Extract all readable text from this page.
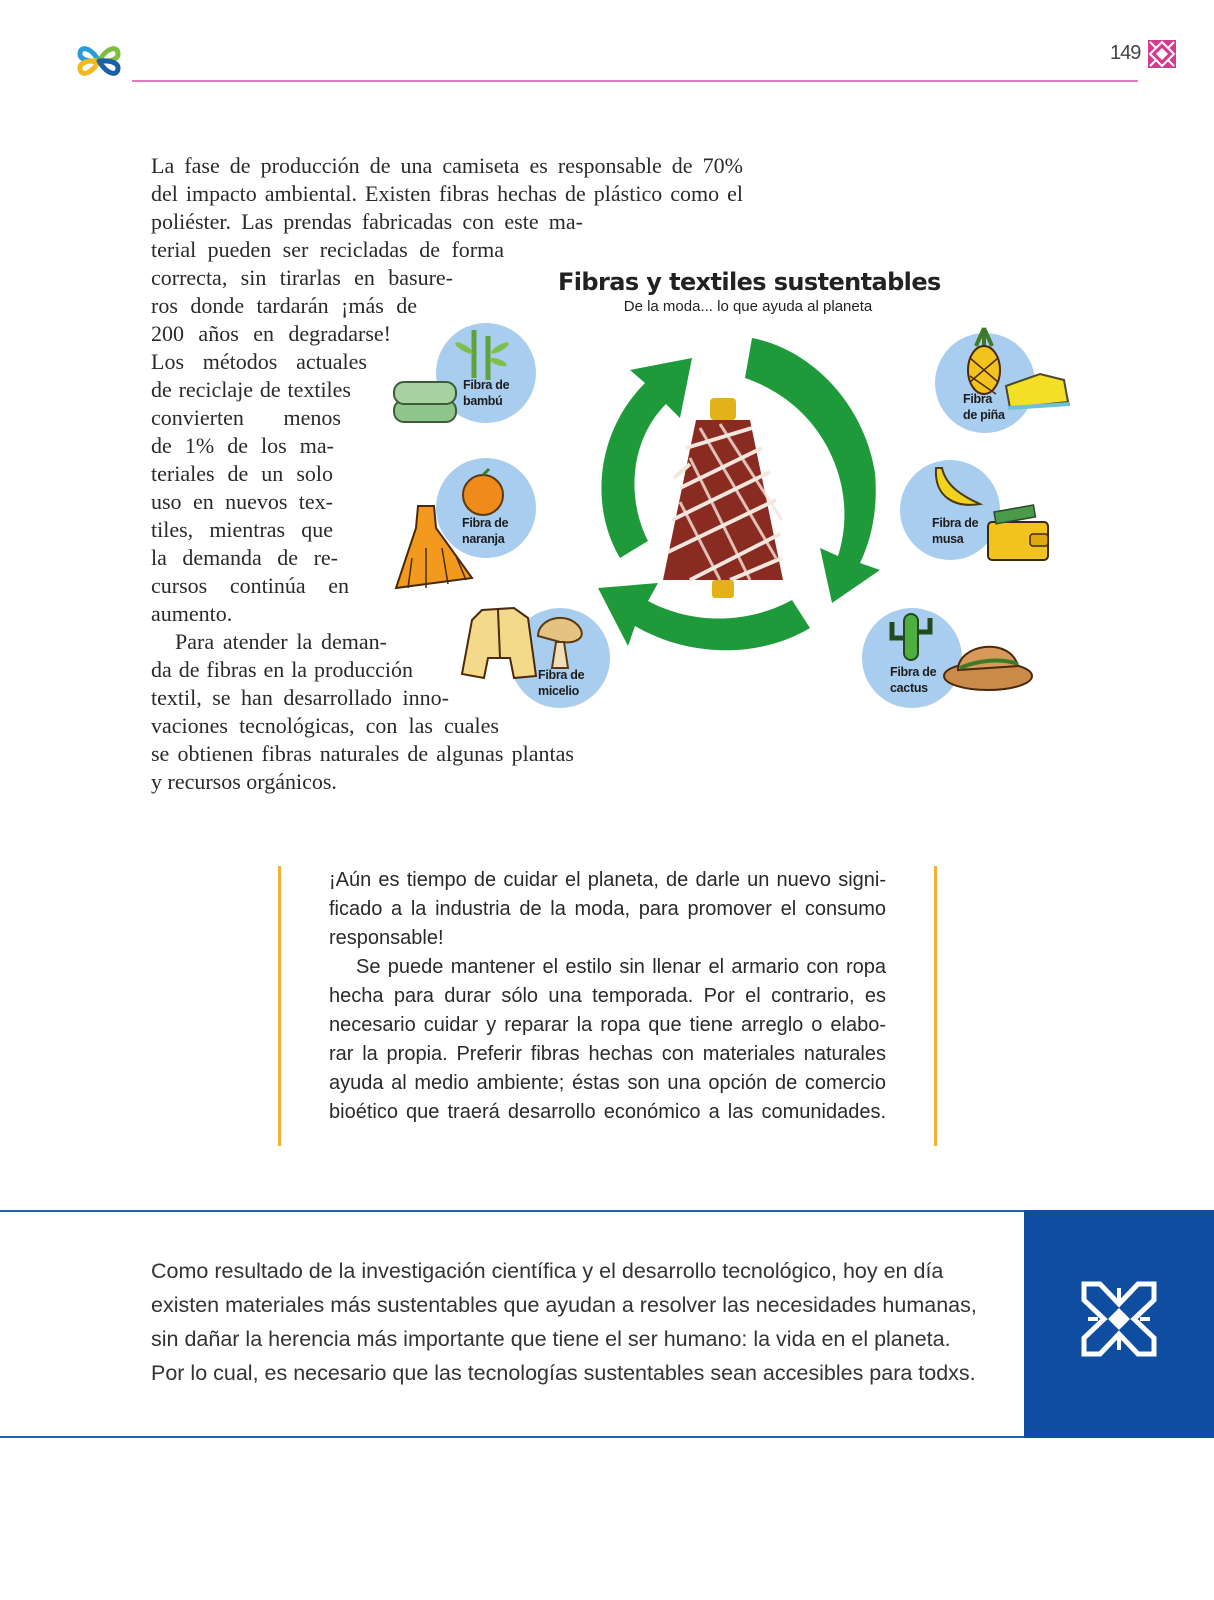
149
La fase de producción de una camiseta es responsable de 70%
del impacto ambiental. Existen fibras hechas de plástico como el
poliéster. Las prendas fabricadas con este ma-
terial pueden ser recicladas de forma
correcta, sin tirarlas en basure-
ros donde tardarán ¡más de
200 años en degradarse!
Los métodos actuales
de reciclaje de textiles
convierten menos
de 1% de los ma-
teriales de un solo
uso en nuevos tex-
tiles, mientras que
la demanda de re-
cursos continúa en
aumento.
Para atender la deman-
da de fibras en la producción
textil, se han desarrollado inno-
vaciones tecnológicas, con las cuales
se obtienen fibras naturales de algunas plantas
y recursos orgánicos.
Fibras y textiles sustentables
De la moda... lo que ayuda al planeta
Fibra de
bambú
Fibra de
naranja
Fibra de
micelio
Fibra
de piña
Fibra de
musa
Fibra de
cactus
¡Aún es tiempo de cuidar el planeta, de darle un nuevo signi-
ficado a la industria de la moda, para promover el consumo
responsable!
Se puede mantener el estilo sin llenar el armario con ropa
hecha para durar sólo una temporada. Por el contrario, es
necesario cuidar y reparar la ropa que tiene arreglo o elabo-
rar la propia. Preferir fibras hechas con materiales naturales
ayuda al medio ambiente; éstas son una opción de comercio
bioético que traerá desarrollo económico a las comunidades.
Como resultado de la investigación científica y el desarrollo tecnológico, hoy en día
existen materiales más sustentables que ayudan a resolver las necesidades humanas,
sin dañar la herencia más importante que tiene el ser humano: la vida en el planeta.
Por lo cual, es necesario que las tecnologías sustentables sean accesibles para todxs.
